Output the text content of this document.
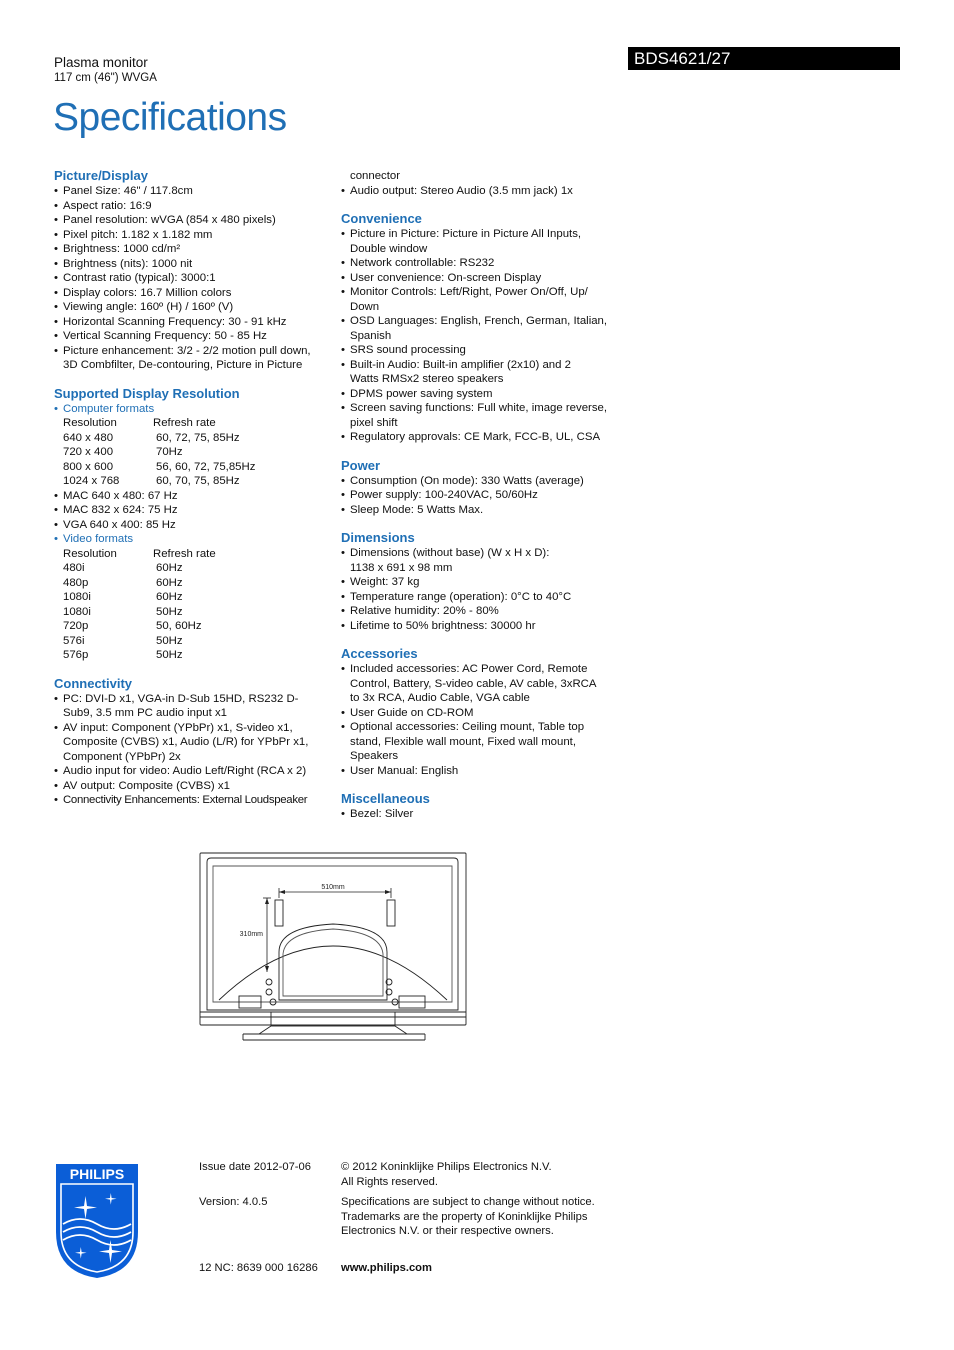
Plasma monitor
117 cm (46") WVGA
Specifications
BDS4621/27
Picture/Display
• Panel Size: 46" / 117.8cm
• Aspect ratio: 16:9
• Panel resolution: wVGA (854 x 480 pixels)
• Pixel pitch: 1.182 x 1.182 mm
• Brightness: 1000 cd/m²
• Brightness (nits): 1000 nit
• Contrast ratio (typical): 3000:1
• Display colors: 16.7 Million colors
• Viewing angle: 160º (H) / 160º (V)
• Horizontal Scanning Frequency: 30 - 91 kHz
• Vertical Scanning Frequency: 50 - 85 Hz
• Picture enhancement: 3/2 - 2/2 motion pull down,
3D Combfilter, De-contouring, Picture in Picture
Supported Display Resolution
• Computer formats
Resolution	Refresh rate
640 x 480	60, 72, 75, 85Hz
720 x 400	70Hz
800 x 600	56, 60, 72, 75,85Hz
1024 x 768	60, 70, 75, 85Hz
• MAC 640 x 480: 67 Hz
• MAC 832 x 624: 75 Hz
• VGA 640 x 400: 85 Hz
• Video formats
Resolution	Refresh rate
480i	60Hz
480p	60Hz
1080i	60Hz
1080i	50Hz
720p	50, 60Hz
576i	50Hz
576p	50Hz
Connectivity
• PC: DVI-D x1, VGA-in D-Sub 15HD, RS232 D-
Sub9, 3.5 mm PC audio input x1
• AV input: Component (YPbPr) x1, S-video x1,
Composite (CVBS) x1, Audio (L/R) for YPbPr x1,
Component (YPbPr) 2x
• Audio input for video: Audio Left/Right (RCA x 2)
• AV output: Composite (CVBS) x1
• Connectivity Enhancements: External Loudspeaker
connector
• Audio output: Stereo Audio (3.5 mm jack) 1x
Convenience
• Picture in Picture: Picture in Picture All Inputs,
Double window
• Network controllable: RS232
• User convenience: On-screen Display
• Monitor Controls: Left/Right, Power On/Off, Up/
Down
• OSD Languages: English, French, German, Italian,
Spanish
• SRS sound processing
• Built-in Audio: Built-in amplifier (2x10) and 2
Watts RMSx2 stereo speakers
• DPMS power saving system
• Screen saving functions: Full white, image reverse,
pixel shift
• Regulatory approvals: CE Mark, FCC-B, UL, CSA
Power
• Consumption (On mode): 330 Watts (average)
• Power supply: 100-240VAC, 50/60Hz
• Sleep Mode: 5 Watts Max.
Dimensions
• Dimensions (without base) (W x H x D):
1138 x 691 x 98 mm
• Weight: 37 kg
• Temperature range (operation): 0°C to 40°C
• Relative humidity: 20% - 80%
• Lifetime to 50% brightness: 30000 hr
Accessories
• Included accessories: AC Power Cord, Remote
Control, Battery, S-video cable, AV cable, 3xRCA
to 3x RCA, Audio Cable, VGA cable
• User Guide on CD-ROM
• Optional accessories: Ceiling mount, Table top
stand, Flexible wall mount, Fixed wall mount,
Speakers
• User Manual: English
Miscellaneous
• Bezel: Silver
510mm
310mm
PHILIPS	Issue date 2012-07-06
Version: 4.0.5
12 NC: 8639 000 16286
© 2012 Koninklijke Philips Electronics N.V.
All Rights reserved.
Specifications are subject to change without notice.
Trademarks are the property of Koninklijke Philips
Electronics N.V. or their respective owners.
www.philips.com
